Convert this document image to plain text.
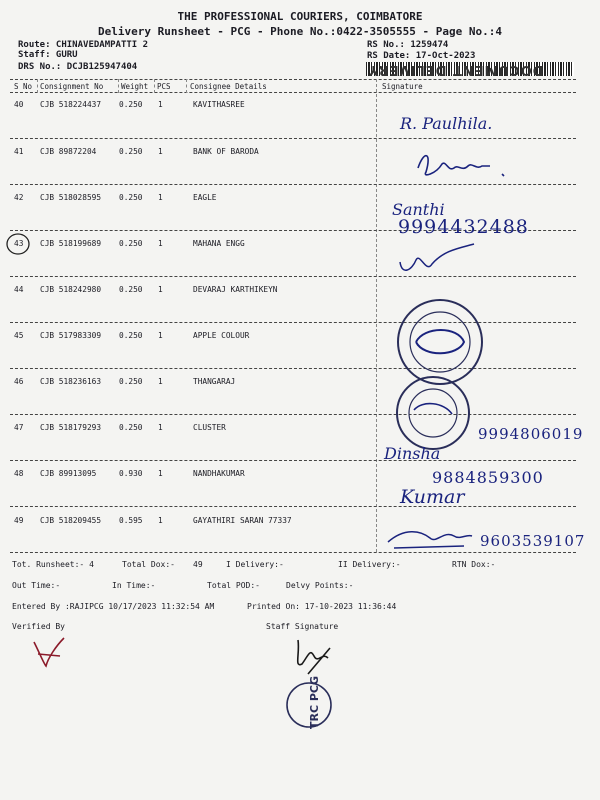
THE PROFESSIONAL COURIERS, COIMBATORE
Delivery Runsheet - PCG - Phone No.:0422-3505555 - Page No.:4
Route: CHINAVEDAMPATTI 2
Staff: GURU
DRS No.: DCJB125947404
RS No.: 1259474
RS Date: 17-Oct-2023
DOCUMENT DELIVERY
S No Consignment No Weight PCS	Consignee Details	Signature
40 CJB 518224437 0.250 1	KAVITHASREE
41 CJB 89872204	0.250 1	BANK OF BARODA
42 CJB 518028595 0.250 1	EAGLE
43 CJB 518199689 0.250 1	MAHANA ENGG
44 CJB 518242980 0.250 1	DEVARAJ KARTHIKEYN
45 CJB 517983309 0.250 1	APPLE COLOUR
46 CJB 518236163 0.250 1	THANGARAJ
47 CJB 518179293 0.250 1	CLUSTER
48 CJB 89913095	0.930 1	NANDHAKUMAR
49 CJB 518209455 0.595 1	GAYATHIRI SARAN 77337
R. Paulhila.
Santhi
9994432488
9994806019
Dinsha
9884859300
Kumar
9603539107
Tot. Runsheet:- 4	Total Dox:- 49	I Delivery:-	II Delivery:-	RTN Dox:-
Out Time:-	In Time:-	Total POD:-	Delvy Points:-
Entered By :RAJIPCG 10/17/2023 11:32:54 AM	Printed On: 17-10-2023 11:36:44
Verified By	Staff Signature
TRC PCG
